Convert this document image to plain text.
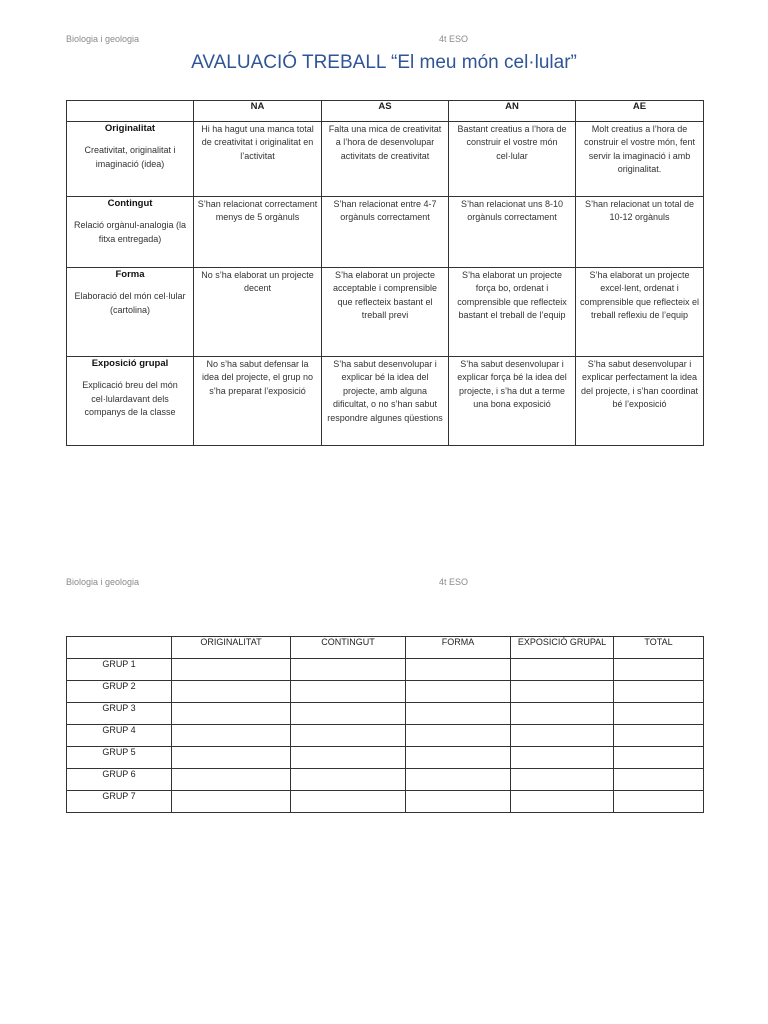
Biologia i geologia	4t ESO
AVALUACIÓ TREBALL “El meu món cel·lular”
	NA	AS	AN	AE

Originalitat
Creativitat, originalitat i imaginació (idea)	Hi ha hagut una manca total de creativitat i originalitat en l’activitat	Falta una mica de creativitat a l’hora de desenvolupar activitats de creativitat	Bastant creatius a l’hora de construir el vostre món cel·lular	Molt creatius a l’hora de construir el vostre món, fent servir la imaginació i amb originalitat.

Contingut
Relació orgànul-analogia (la fitxa entregada)	S’han relacionat correctament menys de 5 orgànuls	S’han relacionat entre 4-7 orgànuls correctament	S’han relacionat uns 8-10 orgànuls correctament	S’han relacionat un total de 10-12 orgànuls

Forma
Elaboració del món cel·lular (cartolina)	No s’ha elaborat un projecte decent	S’ha elaborat un projecte acceptable i comprensible que reflecteix bastant el treball previ	S’ha elaborat un projecte força bo, ordenat i comprensible que reflecteix bastant el treball de l’equip	S’ha elaborat un projecte excel·lent, ordenat i comprensible que reflecteix el treball reflexiu de l’equip

Exposició grupal
Explicació breu del món cel·lulardavant dels companys de la classe	No s’ha sabut defensar la idea del projecte, el grup no s’ha preparat l’exposició	S’ha sabut desenvolupar i explicar bé la idea del projecte, amb alguna dificultat, o no s’han sabut respondre algunes qüestions	S’ha sabut desenvolupar i explicar força bé la idea del projecte, i s’ha dut a terme una bona exposició	S’ha sabut desenvolupar i explicar perfectament la idea del projecte, i s’han coordinat bé l’exposició
Biologia i geologia	4t ESO
	ORIGINALITAT	CONTINGUT	FORMA	EXPOSICIÓ GRUPAL	TOTAL
GRUP 1					
GRUP 2					
GRUP 3					
GRUP 4					
GRUP 5					
GRUP 6					
GRUP 7					
